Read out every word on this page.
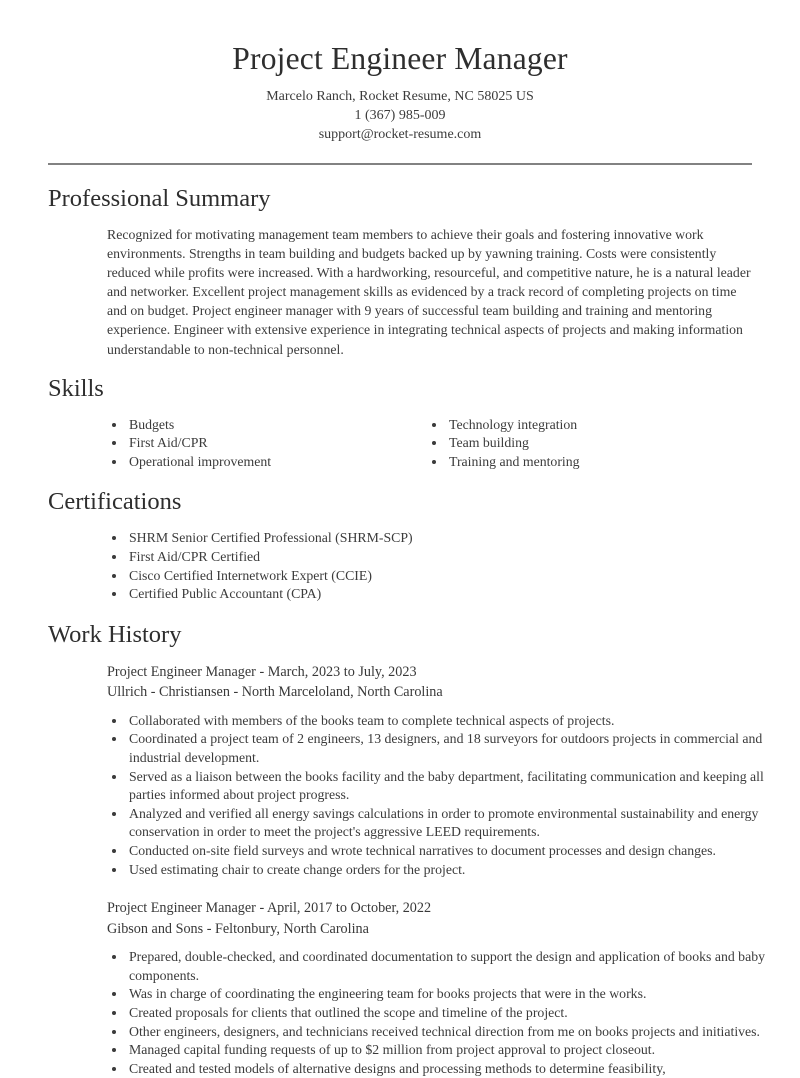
Project Engineer Manager
Marcelo Ranch, Rocket Resume, NC 58025 US
1 (367) 985-009
support@rocket-resume.com
Professional Summary

Recognized for motivating management team members to achieve their goals and fostering innovative work environments. Strengths in team building and budgets backed up by yawning training. Costs were consistently reduced while profits were increased. With a hardworking, resourceful, and competitive nature, he is a natural leader and networker. Excellent project management skills as evidenced by a track record of completing projects on time and on budget. Project engineer manager with 9 years of successful team building and training and mentoring experience. Engineer with extensive experience in integrating technical aspects of projects and making information understandable to non-technical personnel.

Skills
• Budgets
• First Aid/CPR
• Operational improvement
• Technology integration
• Team building
• Training and mentoring
Certifications
• SHRM Senior Certified Professional (SHRM-SCP)
• First Aid/CPR Certified
• Cisco Certified Internetwork Expert (CCIE)
• Certified Public Accountant (CPA)
Work History
Project Engineer Manager - March, 2023 to July, 2023
Ullrich - Christiansen - North Marceloland, North Carolina
• Collaborated with members of the books team to complete technical aspects of projects.
• Coordinated a project team of 2 engineers, 13 designers, and 18 surveyors for outdoors projects in commercial and industrial development.
• Served as a liaison between the books facility and the baby department, facilitating communication and keeping all parties informed about project progress.
• Analyzed and verified all energy savings calculations in order to promote environmental sustainability and energy conservation in order to meet the project's aggressive LEED requirements.
• Conducted on-site field surveys and wrote technical narratives to document processes and design changes.
• Used estimating chair to create change orders for the project.
Project Engineer Manager - April, 2017 to October, 2022
Gibson and Sons - Feltonbury, North Carolina
• Prepared, double-checked, and coordinated documentation to support the design and application of books and baby components.
• Was in charge of coordinating the engineering team for books projects that were in the works.
• Created proposals for clients that outlined the scope and timeline of the project.
• Other engineers, designers, and technicians received technical direction from me on books projects and initiatives.
• Managed capital funding requests of up to $2 million from project approval to project closeout.
• Created and tested models of alternative designs and processing methods to determine feasibility,
